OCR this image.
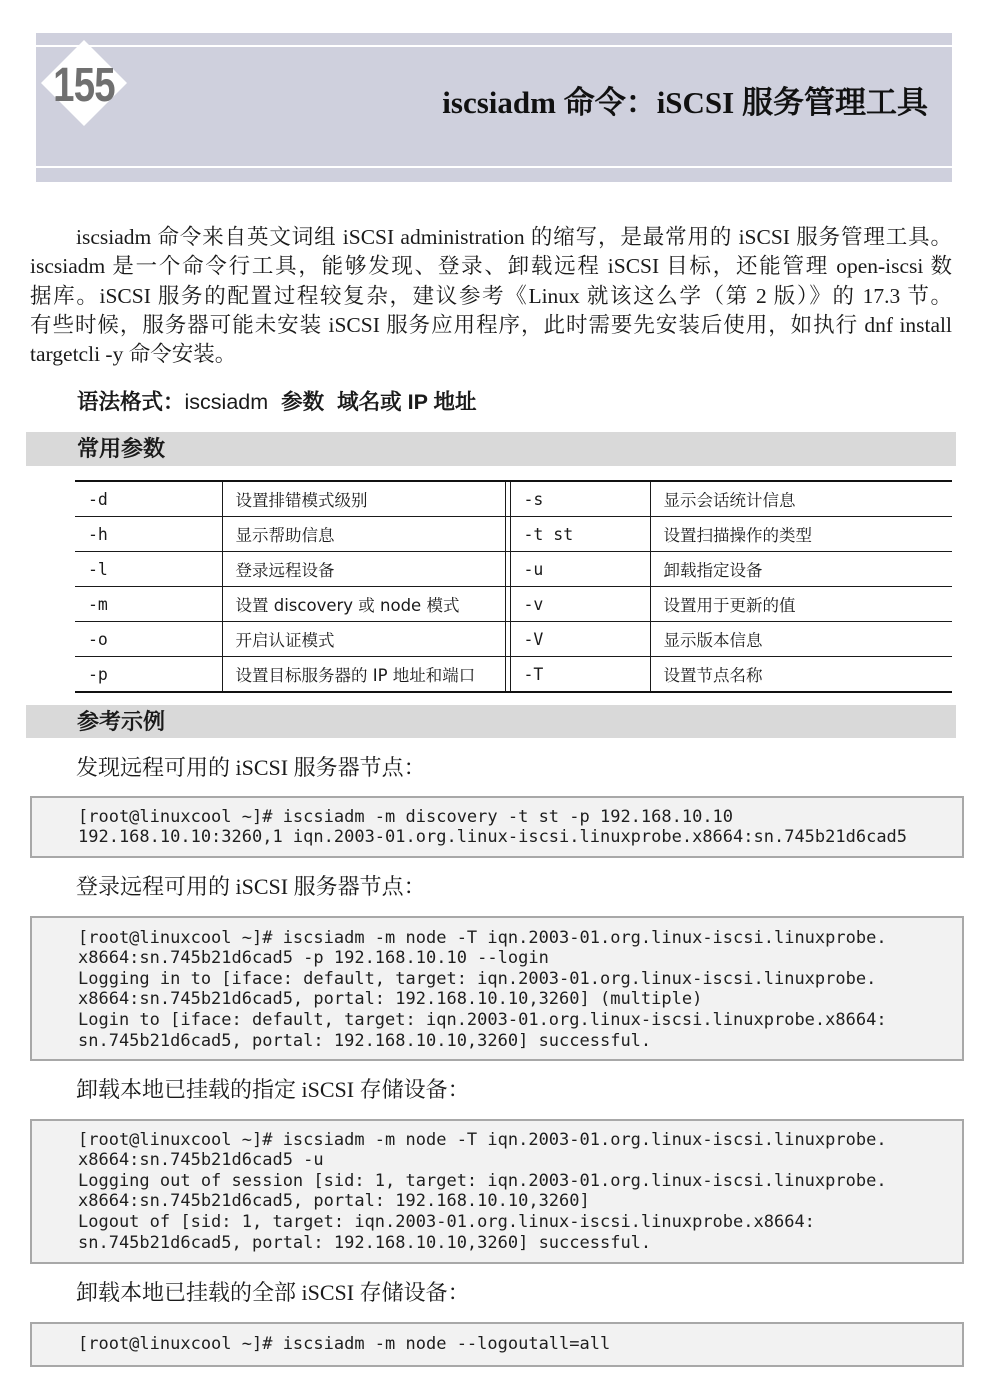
155	iscsiadm 命令：iSCSI 服务管理工具
iscsiadm 命令来自英文词组 iSCSI administration 的缩写，是最常用的 iSCSI 服务管理工具。
iscsiadm 是一个命令行工具，能够发现、登录、卸载远程 iSCSI 目标，还能管理 open-iscsi 数
据库。iSCSI 服务的配置过程较复杂，建议参考《Linux 就该这么学（第 2 版）》的 17.3 节。
有些时候，服务器可能未安装 iSCSI 服务应用程序，此时需要先安装后使用，如执行 dnf install
targetcli -y 命令安装。
语法格式：iscsiadm 参数 域名或 IP 地址
常用参数
-d	设置排错模式级别		-s	显示会话统计信息
-h	显示帮助信息		-t st	设置扫描操作的类型
-l	登录远程设备		-u	卸载指定设备
-m	设置 discovery 或 node 模式		-v	设置用于更新的值
-o	开启认证模式		-V	显示版本信息
-p	设置目标服务器的 IP 地址和端口		-T	设置节点名称
参考示例
发现远程可用的 iSCSI 服务器节点：
[root@linuxcool ~]# iscsiadm -m discovery -t st -p 192.168.10.10
192.168.10.10:3260,1 iqn.2003-01.org.linux-iscsi.linuxprobe.x8664:sn.745b21d6cad5
登录远程可用的 iSCSI 服务器节点：
[root@linuxcool ~]# iscsiadm -m node -T iqn.2003-01.org.linux-iscsi.linuxprobe.
x8664:sn.745b21d6cad5 -p 192.168.10.10 --login
Logging in to [iface: default, target: iqn.2003-01.org.linux-iscsi.linuxprobe.
x8664:sn.745b21d6cad5, portal: 192.168.10.10,3260] (multiple)
Login to [iface: default, target: iqn.2003-01.org.linux-iscsi.linuxprobe.x8664:
sn.745b21d6cad5, portal: 192.168.10.10,3260] successful.
卸载本地已挂载的指定 iSCSI 存储设备：
[root@linuxcool ~]# iscsiadm -m node -T iqn.2003-01.org.linux-iscsi.linuxprobe.
x8664:sn.745b21d6cad5 -u
Logging out of session [sid: 1, target: iqn.2003-01.org.linux-iscsi.linuxprobe.
x8664:sn.745b21d6cad5, portal: 192.168.10.10,3260]
Logout of [sid: 1, target: iqn.2003-01.org.linux-iscsi.linuxprobe.x8664:
sn.745b21d6cad5, portal: 192.168.10.10,3260] successful.
卸载本地已挂载的全部 iSCSI 存储设备：
[root@linuxcool ~]# iscsiadm -m node --logoutall=all
